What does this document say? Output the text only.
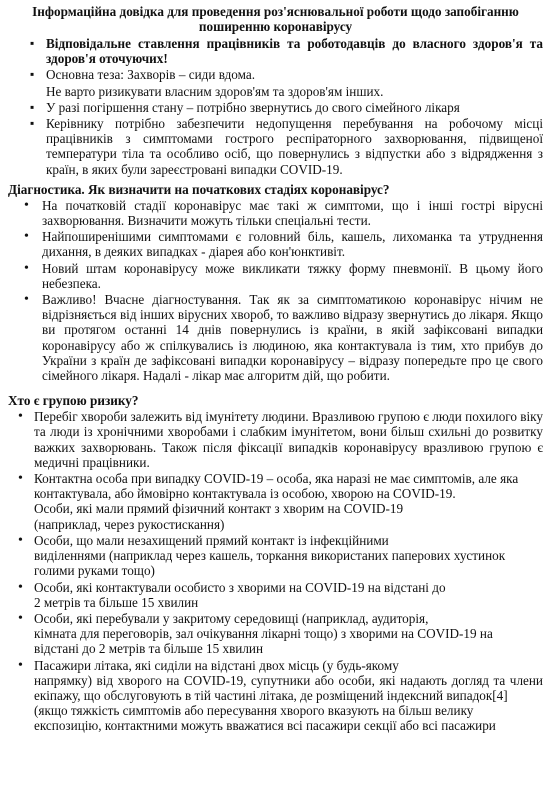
Інформаційна довідка для проведення роз'яснювальної роботи щодо запобіганню
поширенню коронавірусу
▪ Відповідальне ставлення працівників та роботодавців до власного здоров'я та здоров'я оточуючих!
▪ Основна теза: Захворів – сиди вдома.
Не варто ризикувати власним здоров'ям та здоров'ям інших.
▪ У разі погіршення стану – потрібно звернутись до свого сімейного лікаря
▪ Керівнику потрібно забезпечити недопущення перебування на робочому місці працівників з симптомами гострого респіраторного захворювання, підвищеної температури тіла та особливо осіб, що повернулись з відпустки або з відрядження з країн, в яких були зареєстровані випадки COVID-19.
Діагностика. Як визначити на початкових стадіях коронавірус?
• На початковій стадії коронавірус має такі ж симптоми, що і інші гострі вірусні захворювання. Визначити можуть тільки спеціальні тести.
• Найпоширенішими симптомами є головний біль, кашель, лихоманка та утруднення дихання, в деяких випадках - діарея або кон'юнктивіт.
• Новий штам коронавірусу може викликати тяжку форму пневмонії. В цьому його небезпека.
• Важливо! Вчасне діагностування. Так як за симптоматикою коронавірус нічим не відрізняється від інших вірусних хвороб, то важливо відразу звернутись до лікаря. Якщо ви протягом останні 14 днів повернулись із країни, в якій зафіксовані випадки коронавірусу або ж спілкувались із людиною, яка контактувала із тим, хто прибув до України з країн де зафіксовані випадки коронавірусу – відразу попередьте про це свого сімейного лікаря. Надалі - лікар має алгоритм дій, що робити.
Хто є групою ризику?

• Перебіг хвороби залежить від імунітету людини. Вразливою групою є люди похилого віку та люди із хронічними хворобами і слабким імунітетом, вони більш схильні до розвитку важких захворювань. Також після фіксації випадків коронавірусу вразливою групою є медичні працівники.

• Контактна особа при випадку COVID-19 – особа, яка наразі не має симптомів, але яка

контактувала, або ймовірно контактувала із особою, хворою на COVID-19.

Особи, які мали прямий фізичний контакт з хворим на COVID-19

(наприклад, через рукостискання)

• Особи, що мали незахищений прямий контакт із інфекційними

виділеннями (наприклад через кашель, торкання використаних паперових хустинок

голими руками тощо)

• Особи, які контактували особисто з хворими на COVID-19 на відстані до

2 метрів та більше 15 хвилин

• Особи, які перебували у закритому середовищі (наприклад, аудиторія,

кімната для переговорів, зал очікування лікарні тощо) з хворими на COVID-19 на

відстані до 2 метрів та більше 15 хвилин

• Пасажири літака, які сиділи на відстані двох місць (у будь-якому

напрямку) від хворого на COVID-19, супутники або особи, які надають догляд та члени екіпажу, що обслуговують в тій частині літака, де розміщений індексний випадок[4]

(якщо тяжкість симптомів або пересування хворого вказують на більш велику

експозицію, контактними можуть вважатися всі пасажири секції або всі пасажири
